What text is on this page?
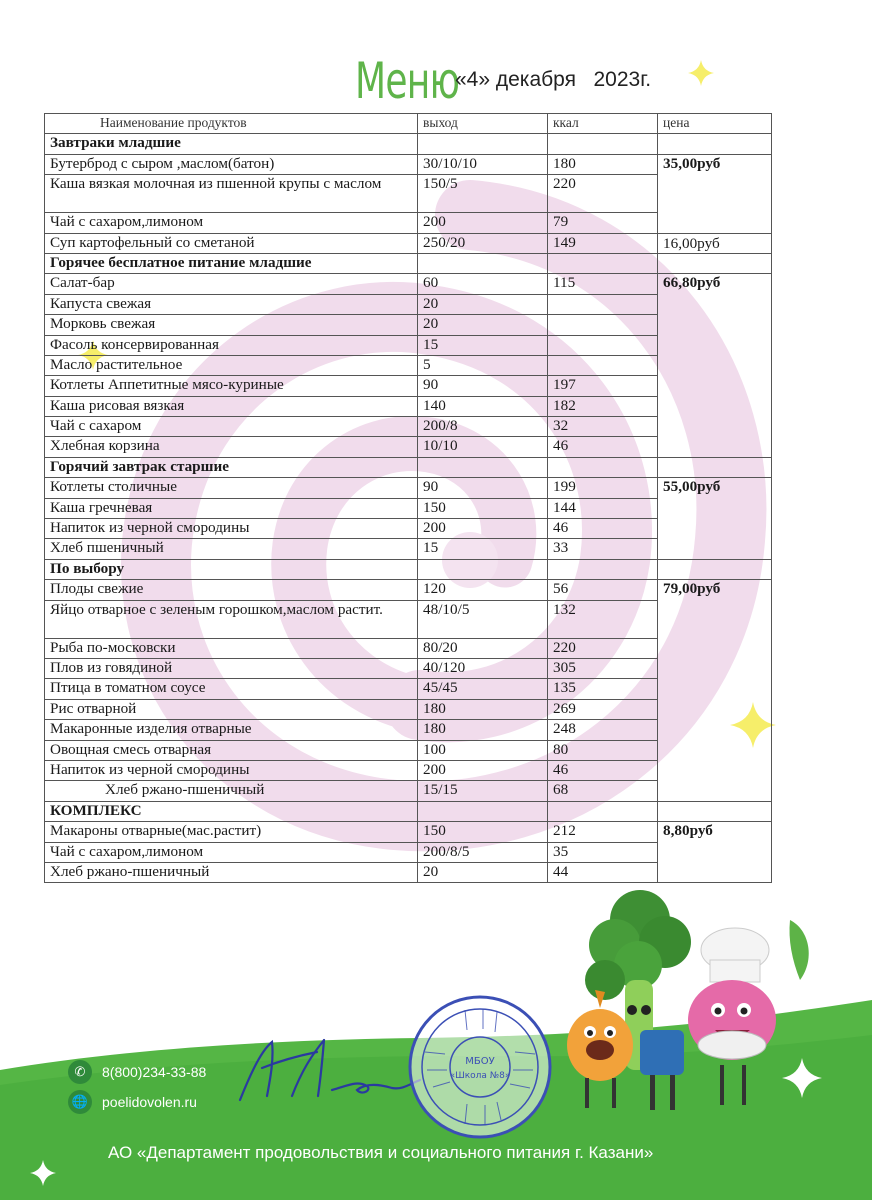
Меню
«4» декабря   2023г.
Наименование продуктов	выход	ккал	цена
Завтраки младшие			
Бутерброд с сыром ,маслом(батон)	30/10/10	180	35,00руб
Каша вязкая молочная из пшенной крупы с маслом	150/5	220	
Чай с сахаром,лимоном	200	79	
Суп картофельный со сметаной	250/20	149	16,00руб
Горячее бесплатное питание младшие			
Салат-бар	60	115	66,80руб
Капуста свежая	20		
Морковь свежая	20		
Фасоль консервированная	15		
Масло растительное	5		
Котлеты Аппетитные мясо-куриные	90	197	
Каша рисовая вязкая	140	182	
Чай с сахаром	200/8	32	
Хлебная корзина	10/10	46	
Горячий завтрак старшие			
Котлеты столичные	90	199	55,00руб
Каша гречневая	150	144	
Напиток из черной смородины	200	46	
Хлеб пшеничный	15	33	
По выбору			
Плоды свежие	120	56	79,00руб
Яйцо отварное с зеленым горошком,маслом растит.	48/10/5	132	
Рыба по-московски	80/20	220	
Плов из говядиной	40/120	305	
Птица в томатном соусе	45/45	135	
Рис отварной	180	269	
Макаронные изделия отварные	180	248	
Овощная смесь отварная	100	80	
Напиток из черной смородины	200	46	
Хлеб ржано-пшеничный	15/15	68	
КОМПЛЕКС			
Макароны отварные(мас.растит)	150	212	8,80руб
Чай с сахаром,лимоном	200/8/5	35	
Хлеб ржано-пшеничный	20	44	
✆	8(800)234-33-88
🌐 poelidovolen.ru
МБОУ
«Школа №8»
АО «Департамент продовольствия и социального питания г. Казани»
